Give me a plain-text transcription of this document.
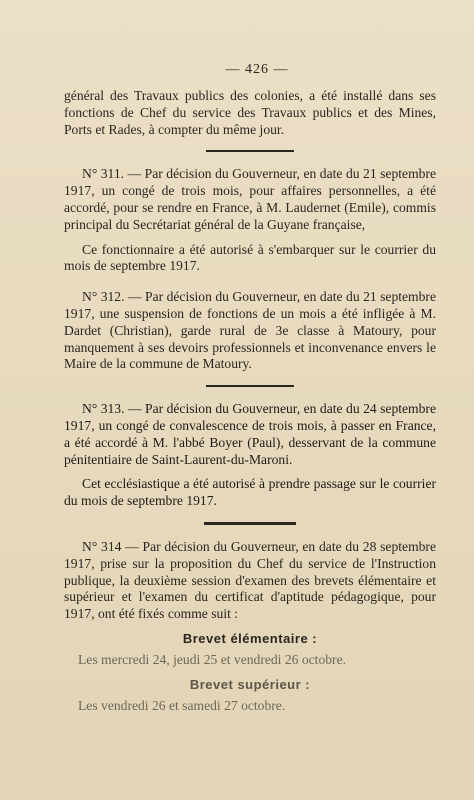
— 426 —

général des Travaux publics des colonies, a été installé dans ses fonctions de Chef du service des Travaux publics et des Mines, Ports et Rades, à compter du même jour.

N° 311. — Par décision du Gouverneur, en date du 21 septembre 1917, un congé de trois mois, pour affaires personnelles, a été accordé, pour se rendre en France, à M. Laudernet (Emile), commis principal du Secrétariat général de la Guyane française,

Ce fonctionnaire a été autorisé à s'embarquer sur le courrier du mois de septembre 1917.

N° 312. — Par décision du Gouverneur, en date du 21 septembre 1917, une suspension de fonctions de un mois a été infligée à M. Dardet (Christian), garde rural de 3e classe à Matoury, pour manquement à ses devoirs professionnels et inconvenance envers le Maire de la commune de Matoury.

N° 313. — Par décision du Gouverneur, en date du 24 septembre 1917, un congé de convalescence de trois mois, à passer en France, a été accordé à M. l'abbé Boyer (Paul), desservant de la commune pénitentiaire de Saint-Laurent-du-Maroni.

Cet ecclésiastique a été autorisé à prendre passage sur le courrier du mois de septembre 1917.

N° 314 — Par décision du Gouverneur, en date du 28 septembre 1917, prise sur la proposition du Chef du service de l'Instruction publique, la deuxième session d'examen des brevets élémentaire et supérieur et l'examen du certificat d'aptitude pédagogique, pour 1917, ont été fixés comme suit :

Brevet élémentaire :
Les mercredi 24, jeudi 25 et vendredi 26 octobre.
Brevet supérieur :
Les vendredi 26 et samedi 27 octobre.
